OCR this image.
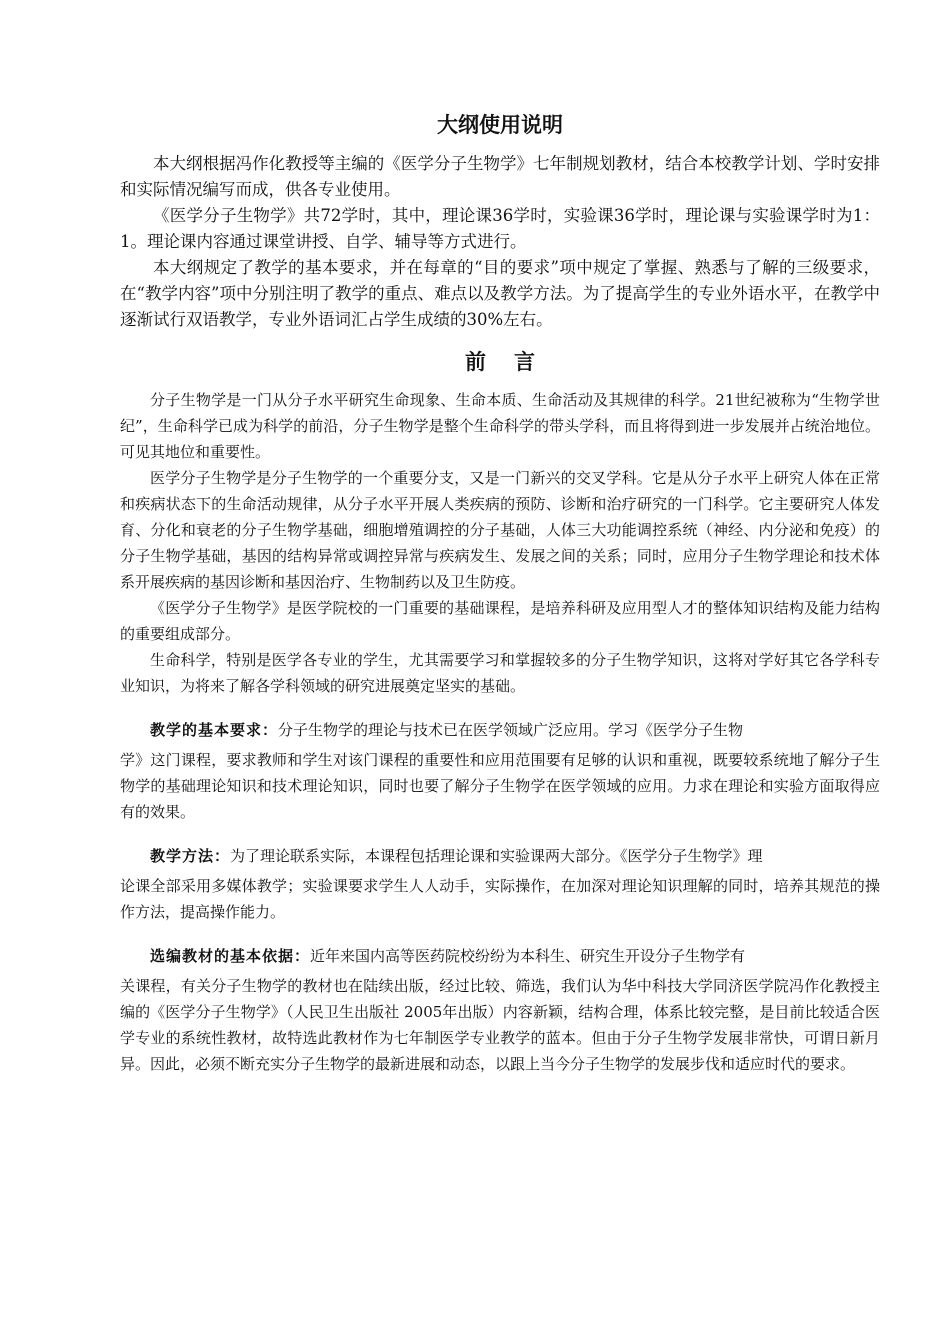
大纲使用说明

本大纲根据冯作化教授等主编的《医学分子生物学》七年制规划教材，结合本校教学计划、学时安排和实际情况编写而成，供各专业使用。

《医学分子生物学》共72学时，其中，理论课36学时，实验课36学时，理论课与实验课学时为1：1。理论课内容通过课堂讲授、自学、辅导等方式进行。

本大纲规定了教学的基本要求，并在每章的“目的要求”项中规定了掌握、熟悉与了解的三级要求，在“教学内容”项中分别注明了教学的重点、难点以及教学方法。为了提高学生的专业外语水平，在教学中逐渐试行双语教学，专业外语词汇占学生成绩的30%左右。

前言

分子生物学是一门从分子水平研究生命现象、生命本质、生命活动及其规律的科学。21世纪被称为“生物学世纪”，生命科学已成为科学的前沿，分子生物学是整个生命科学的带头学科，而且将得到进一步发展并占统治地位。可见其地位和重要性。

医学分子生物学是分子生物学的一个重要分支，又是一门新兴的交叉学科。它是从分子水平上研究人体在正常和疾病状态下的生命活动规律，从分子水平开展人类疾病的预防、诊断和治疗研究的一门科学。它主要研究人体发育、分化和衰老的分子生物学基础，细胞增殖调控的分子基础，人体三大功能调控系统（神经、内分泌和免疫）的分子生物学基础，基因的结构异常或调控异常与疾病发生、发展之间的关系；同时，应用分子生物学理论和技术体系开展疾病的基因诊断和基因治疗、生物制药以及卫生防疫。

《医学分子生物学》是医学院校的一门重要的基础课程，是培养科研及应用型人才的整体知识结构及能力结构的重要组成部分。

生命科学，特别是医学各专业的学生，尤其需要学习和掌握较多的分子生物学知识，这将对学好其它各学科专业知识，为将来了解各学科领域的研究进展奠定坚实的基础。

教学的基本要求：分子生物学的理论与技术已在医学领域广泛应用。学习《医学分子生物

学》这门课程，要求教师和学生对该门课程的重要性和应用范围要有足够的认识和重视，既要较系统地了解分子生物学的基础理论知识和技术理论知识，同时也要了解分子生物学在医学领域的应用。力求在理论和实验方面取得应有的效果。

教学方法：为了理论联系实际，本课程包括理论课和实验课两大部分。《医学分子生物学》理

论课全部采用多媒体教学；实验课要求学生人人动手，实际操作，在加深对理论知识理解的同时，培养其规范的操作方法，提高操作能力。

选编教材的基本依据：近年来国内高等医药院校纷纷为本科生、研究生开设分子生物学有

关课程，有关分子生物学的教材也在陆续出版，经过比较、筛选，我们认为华中科技大学同济医学院冯作化教授主编的《医学分子生物学》（人民卫生出版社 2005年出版）内容新颖，结构合理，体系比较完整，是目前比较适合医学专业的系统性教材，故特选此教材作为七年制医学专业教学的蓝本。但由于分子生物学发展非常快，可谓日新月异。因此，必须不断充实分子生物学的最新进展和动态，以跟上当今分子生物学的发展步伐和适应时代的要求。
